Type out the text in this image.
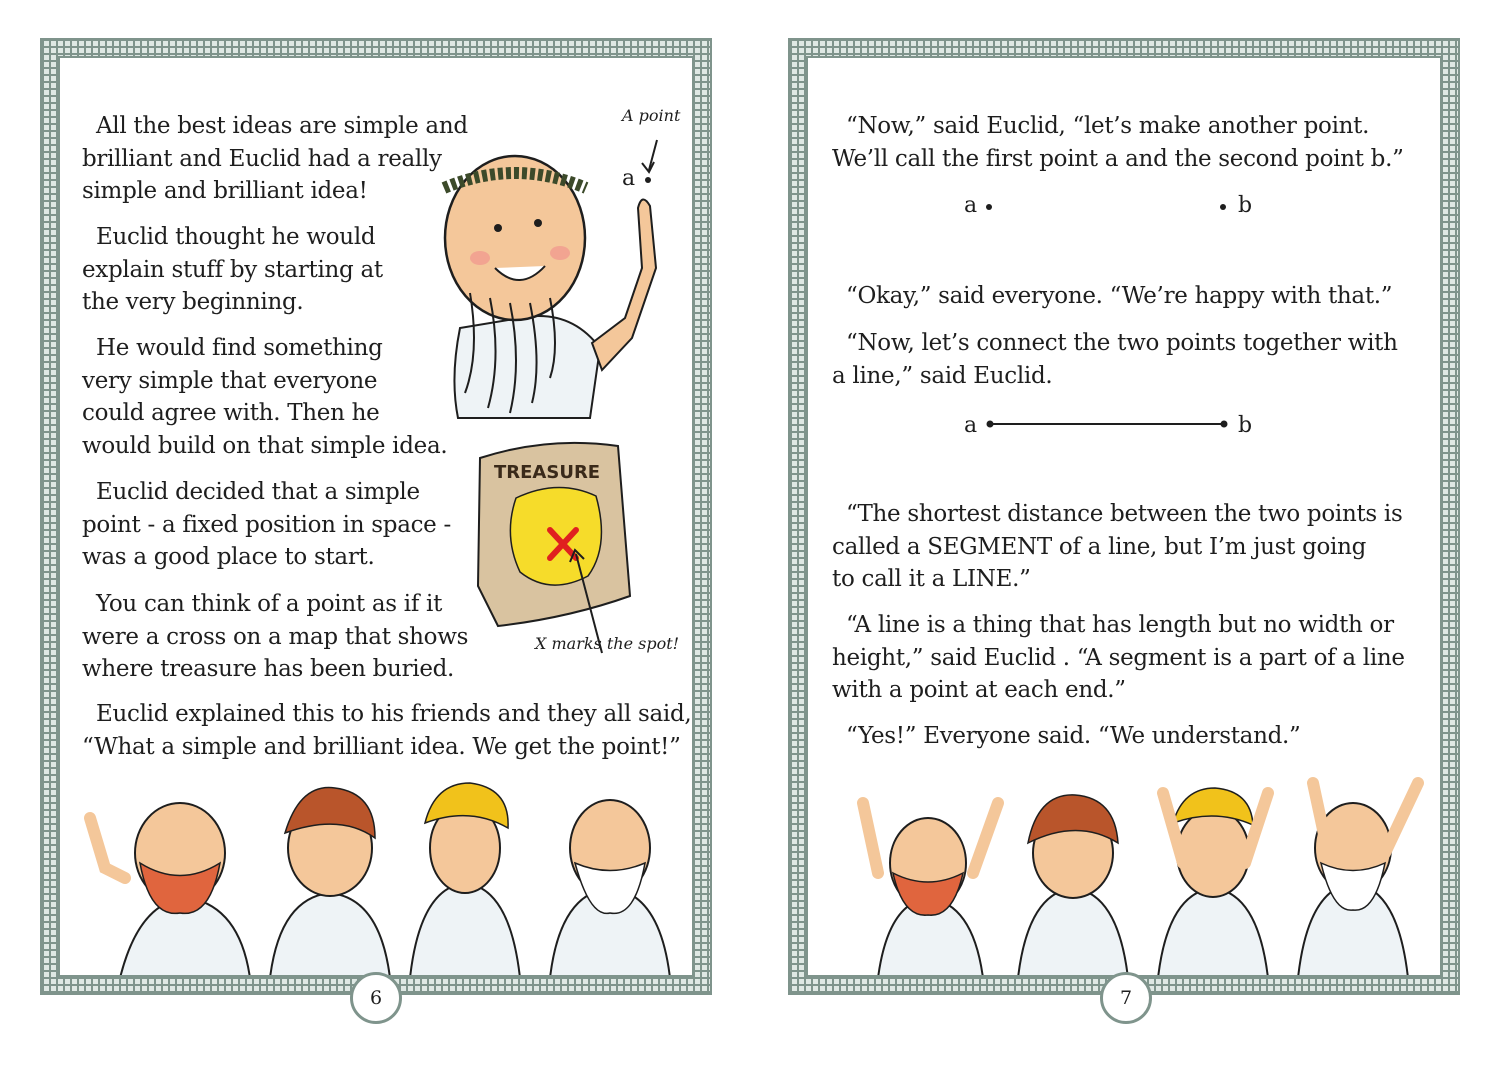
All the best ideas are simple and
brilliant and Euclid had a really
simple and brilliant idea!

Euclid thought he would
explain stuff by starting at
the very beginning.

He would find something
very simple that everyone
could agree with. Then he
would build on that simple idea.

Euclid decided that a simple
point - a fixed position in space -
was a good place to start.

You can think of a point as if it
were a cross on a map that shows
where treasure has been buried.

Euclid explained this to his friends and they all said,
“What a simple and brilliant idea. We get the point!”

A point
a
TREASURE
X marks the spot!
6

“Now,” said Euclid, “let’s make another point.
We’ll call the first point a and the second point b.”

a	b

“Okay,” said everyone. “We’re happy with that.”

“Now, let’s connect the two points together with
a line,” said Euclid.

a	b

“The shortest distance between the two points is
called a SEGMENT of a line, but I’m just going
to call it a LINE.”

“A line is a thing that has length but no width or
height,” said Euclid . “A segment is a part of a line
with a point at each end.”

“Yes!” Everyone said. “We understand.”

7
